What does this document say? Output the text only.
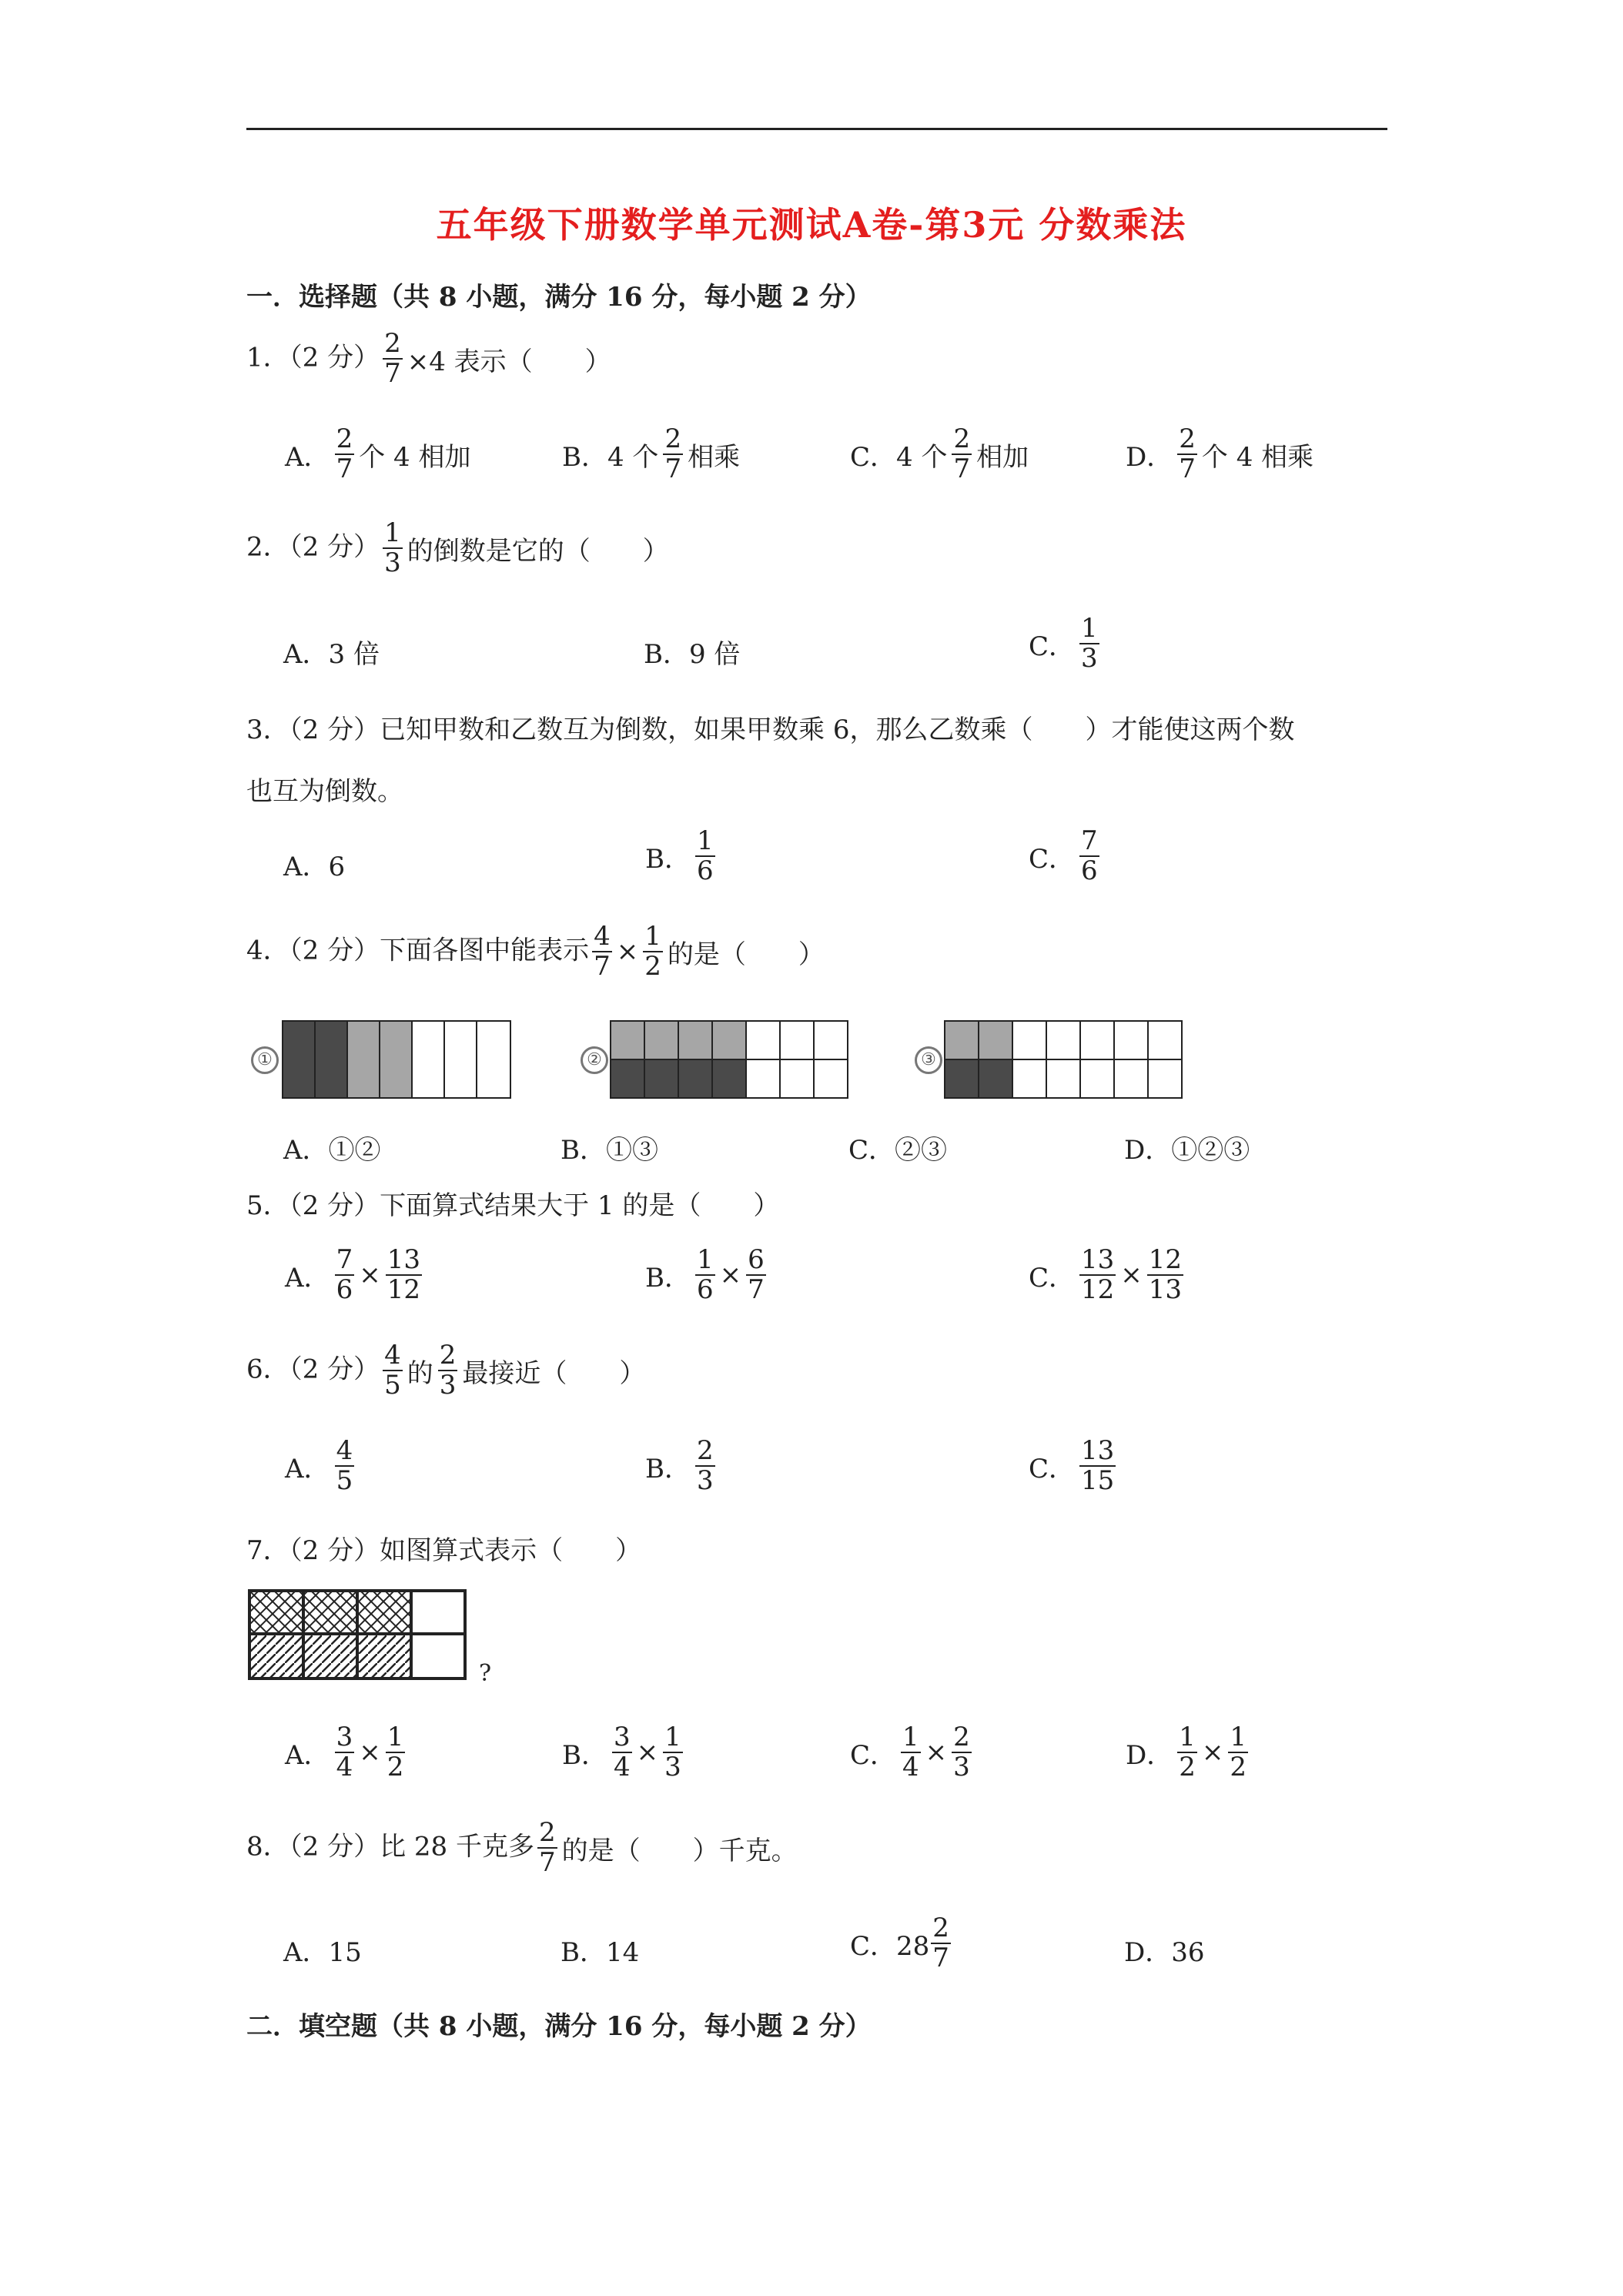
五年级下册数学单元测试A卷-第3元 分数乘法
一．选择题（共 8 小题，满分 16 分，每小题 2 分）
1．（2 分） $\frac{2}{7} \times 4$ 表示（　　）
A． $\frac{2}{7}$ 个 4 相加	B．4 个 $\frac{2}{7}$ 相乘	C．4 个 $\frac{2}{7}$ 相加	D． $\frac{2}{7}$ 个 4 相乘
2．（2 分） $\frac{1}{3}$ 的倒数是它的（　　）
A．3 倍	B．9 倍	C． $\frac{1}{3}$
3．（2 分）已知甲数和乙数互为倒数，如果甲数乘 6，那么乙数乘（　　）才能使这两个数
也互为倒数。
A．6	B． $\frac{1}{6}$	C． $\frac{7}{6}$
4．（2 分）下面各图中能表示 $\frac{4}{7} \times \frac{1}{2}$ 的是（　　）
①	②	③
A．①②	B．①③	C．②③	D．①②③
5．（2 分）下面算式结果大于 1 的是（　　）
A． $\frac{7}{6} \times \frac{13}{12}$	B． $\frac{1}{6} \times \frac{6}{7}$	C． $\frac{13}{12} \times \frac{12}{13}$
6．（2 分） $\frac{4}{5}$ 的 $\frac{2}{3}$ 最接近（　　）
A． $\frac{4}{5}$	B． $\frac{2}{3}$	C． $\frac{13}{15}$
7．（2 分）如图算式表示（　　）
?
A． $\frac{3}{4} \times \frac{1}{2}$	B． $\frac{3}{4} \times \frac{1}{3}$	C． $\frac{1}{4} \times \frac{2}{3}$	D． $\frac{1}{2} \times \frac{1}{2}$
8．（2 分）比 28 千克多 $\frac{2}{7}$ 的是（　　）千克。
A．15	B．14	C．$28 \frac{2}{7}$	D．36
二．填空题（共 8 小题，满分 16 分，每小题 2 分）
